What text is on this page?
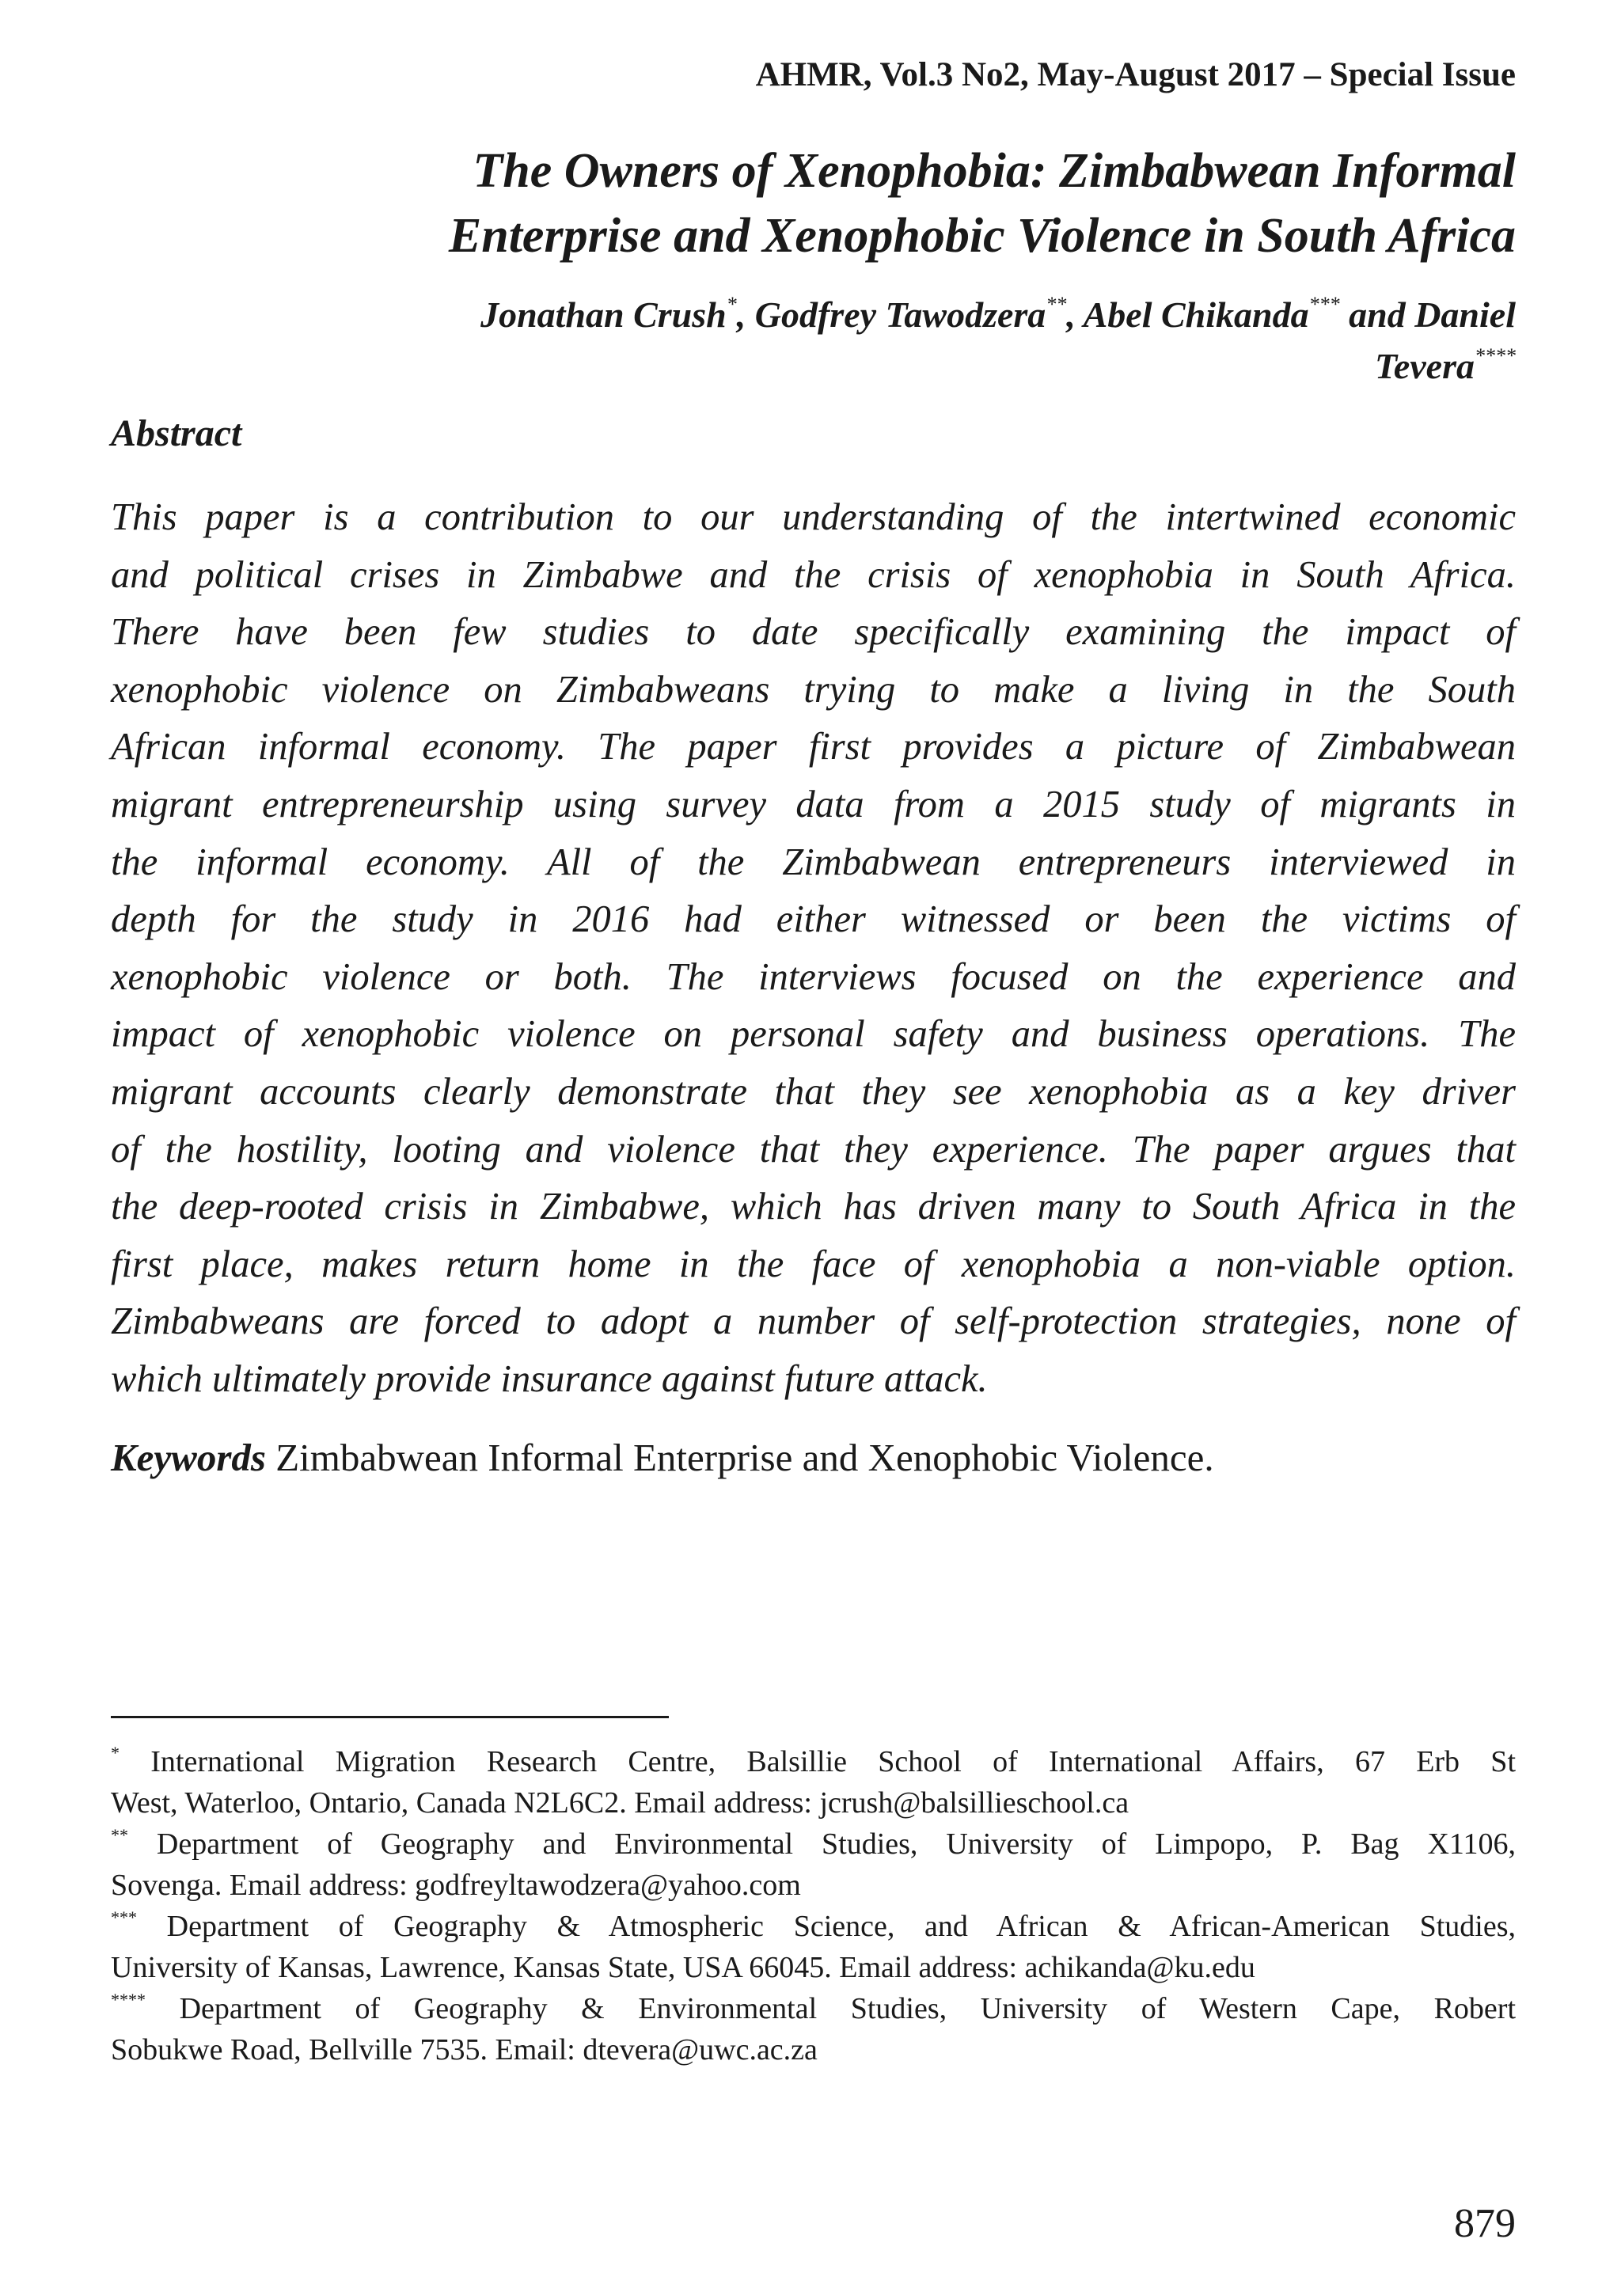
AHMR, Vol.3 No2, May-August 2017 – Special Issue
The Owners of Xenophobia: Zimbabwean Informal
Enterprise and Xenophobic Violence in South Africa
Jonathan Crush*, Godfrey Tawodzera**, Abel Chikanda*** and Daniel
Tevera****
Abstract
This paper is a contribution to our understanding of the intertwined economic
and political crises in Zimbabwe and the crisis of xenophobia in South Africa.
There have been few studies to date specifically examining the impact of
xenophobic violence on Zimbabweans trying to make a living in the South
African informal economy. The paper first provides a picture of Zimbabwean
migrant entrepreneurship using survey data from a 2015 study of migrants in
the informal economy. All of the Zimbabwean entrepreneurs interviewed in
depth for the study in 2016 had either witnessed or been the victims of
xenophobic violence or both. The interviews focused on the experience and
impact of xenophobic violence on personal safety and business operations. The
migrant accounts clearly demonstrate that they see xenophobia as a key driver
of the hostility, looting and violence that they experience. The paper argues that
the deep-rooted crisis in Zimbabwe, which has driven many to South Africa in the
first place, makes return home in the face of xenophobia a non-viable option.
Zimbabweans are forced to adopt a number of self-protection strategies, none of
which ultimately provide insurance against future attack.
Keywords Zimbabwean Informal Enterprise and Xenophobic Violence.
* International Migration Research Centre, Balsillie School of International Affairs, 67 Erb St
West, Waterloo, Ontario, Canada N2L6C2. Email address: jcrush@balsillieschool.ca
** Department of Geography and Environmental Studies, University of Limpopo, P. Bag X1106,
Sovenga. Email address: godfreyltawodzera@yahoo.com
*** Department of Geography & Atmospheric Science, and African & African-American Studies,
University of Kansas, Lawrence, Kansas State, USA 66045. Email address: achikanda@ku.edu
**** Department of Geography & Environmental Studies, University of Western Cape, Robert
Sobukwe Road, Bellville 7535. Email: dtevera@uwc.ac.za
879
